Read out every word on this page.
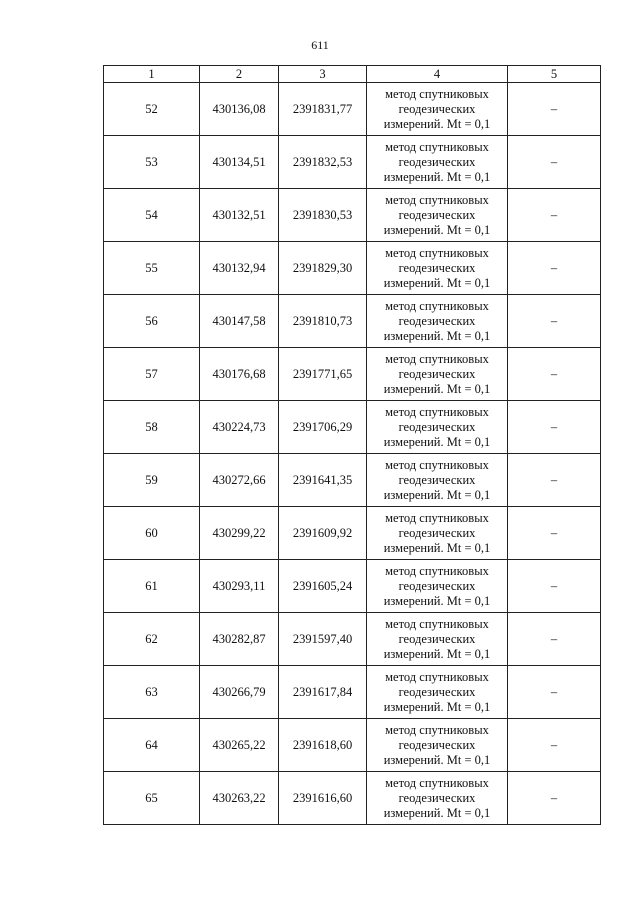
611
1	2	3	4	5
52	430136,08	2391831,77	метод спутниковых
геодезических
измерений. Mt = 0,1	–
53	430134,51	2391832,53	метод спутниковых
геодезических
измерений. Mt = 0,1	–
54	430132,51	2391830,53	метод спутниковых
геодезических
измерений. Mt = 0,1	–
55	430132,94	2391829,30	метод спутниковых
геодезических
измерений. Mt = 0,1	–
56	430147,58	2391810,73	метод спутниковых
геодезических
измерений. Mt = 0,1	–
57	430176,68	2391771,65	метод спутниковых
геодезических
измерений. Mt = 0,1	–
58	430224,73	2391706,29	метод спутниковых
геодезических
измерений. Mt = 0,1	–
59	430272,66	2391641,35	метод спутниковых
геодезических
измерений. Mt = 0,1	–
60	430299,22	2391609,92	метод спутниковых
геодезических
измерений. Mt = 0,1	–
61	430293,11	2391605,24	метод спутниковых
геодезических
измерений. Mt = 0,1	–
62	430282,87	2391597,40	метод спутниковых
геодезических
измерений. Mt = 0,1	–
63	430266,79	2391617,84	метод спутниковых
геодезических
измерений. Mt = 0,1	–
64	430265,22	2391618,60	метод спутниковых
геодезических
измерений. Mt = 0,1	–
65	430263,22	2391616,60	метод спутниковых
геодезических
измерений. Mt = 0,1	–
